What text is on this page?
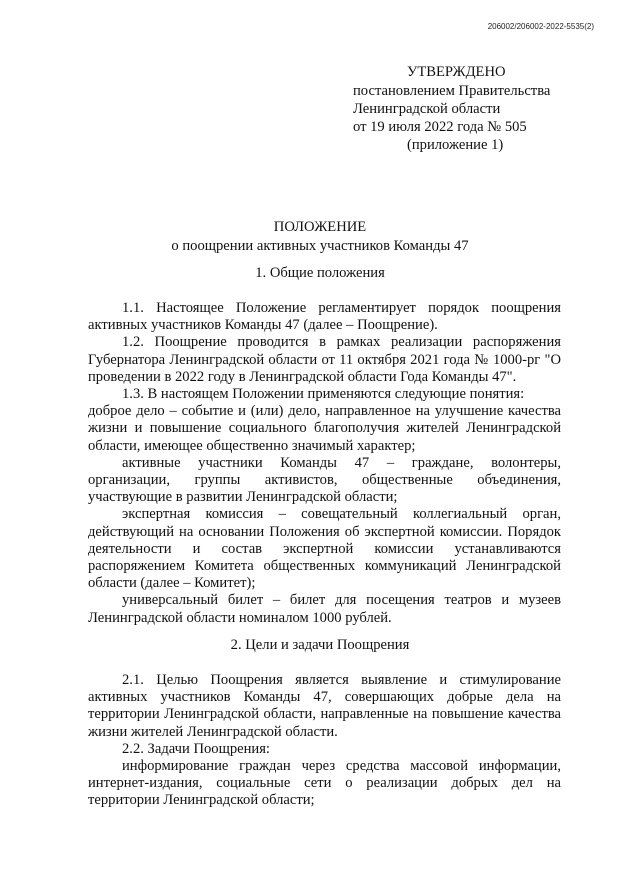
206002/206002-2022-5535(2)
УТВЕРЖДЕНО
постановлением Правительства
Ленинградской области
от 19 июля 2022 года № 505
(приложение 1)
ПОЛОЖЕНИЕ
о поощрении активных участников Команды 47
1. Общие положения

1.1. Настоящее Положение регламентирует порядок поощрения активных участников Команды 47 (далее – Поощрение).

1.2. Поощрение проводится в рамках реализации распоряжения Губернатора Ленинградской области от 11 октября 2021 года № 1000-рг "О проведении в 2022 году в Ленинградской области Года Команды 47".

1.3. В настоящем Положении применяются следующие понятия:

доброе дело – событие и (или) дело, направленное на улучшение качества жизни и повышение социального благополучия жителей Ленинградской области, имеющее общественно значимый характер;

активные участники Команды 47 – граждане, волонтеры, организации, группы активистов, общественные объединения, участвующие в развитии Ленинградской области;

экспертная комиссия – совещательный коллегиальный орган, действующий на основании Положения об экспертной комиссии. Порядок деятельности и состав экспертной комиссии устанавливаются распоряжением Комитета общественных коммуникаций Ленинградской области (далее – Комитет);

универсальный билет – билет для посещения театров и музеев Ленинградской области номиналом 1000 рублей.

2. Цели и задачи Поощрения

2.1. Целью Поощрения является выявление и стимулирование активных участников Команды 47, совершающих добрые дела на территории Ленинградской области, направленные на повышение качества жизни жителей Ленинградской области.

2.2. Задачи Поощрения:

информирование граждан через средства массовой информации, интернет-издания, социальные сети о реализации добрых дел на территории Ленинградской области;
